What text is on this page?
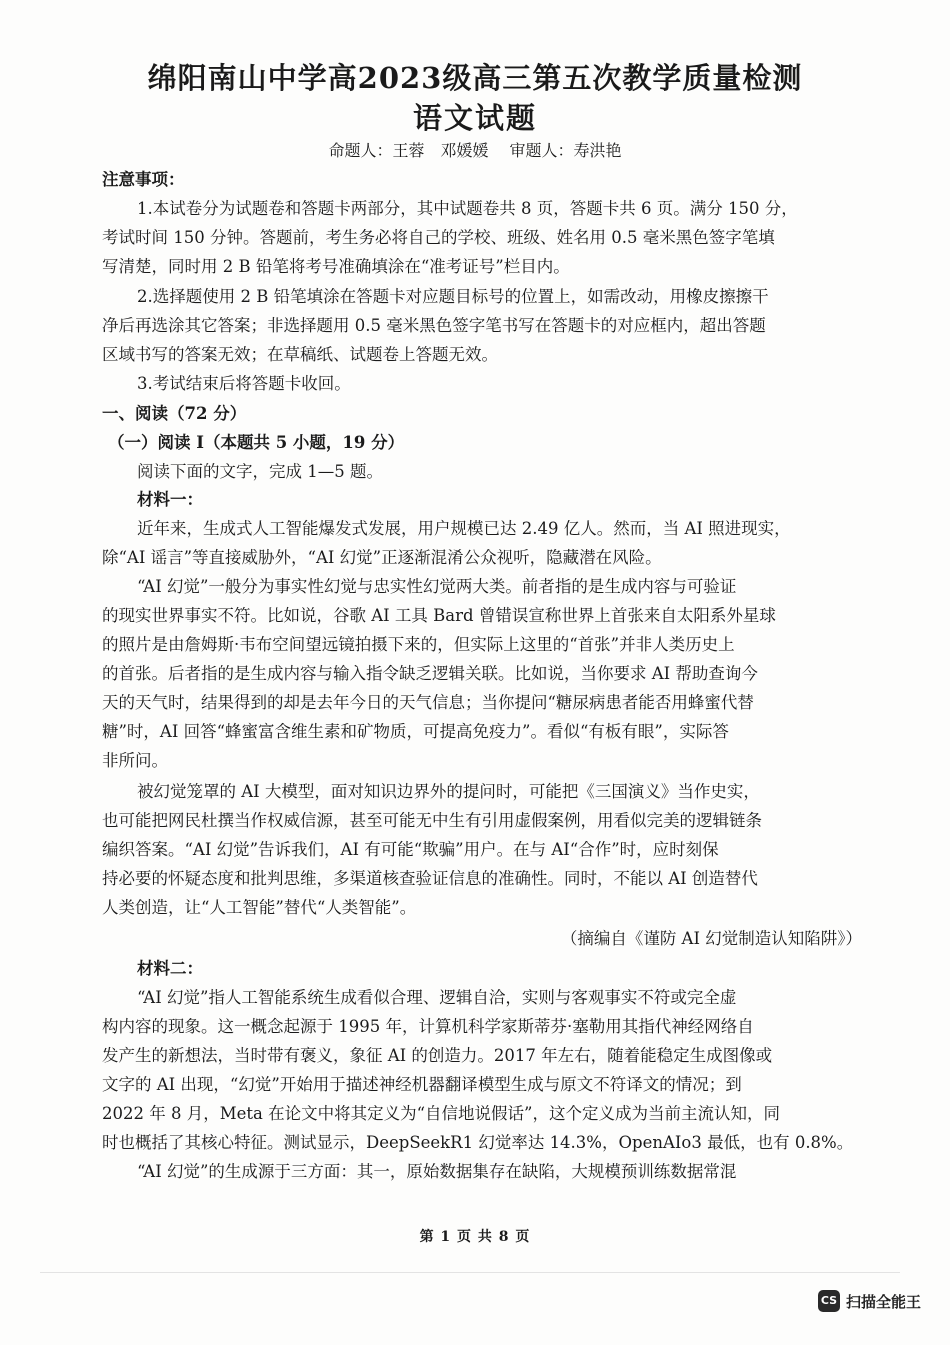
绵阳南山中学高2023级高三第五次教学质量检测
语文试题
命题人：王蓉　邓媛媛 审题人：寿洪艳
注意事项：
1.本试卷分为试题卷和答题卡两部分，其中试题卷共 8 页，答题卡共 6 页。满分 150 分，
考试时间 150 分钟。答题前，考生务必将自己的学校、班级、姓名用 0.5 毫米黑色签字笔填
写清楚，同时用 2 B 铅笔将考号准确填涂在“准考证号”栏目内。
2.选择题使用 2 B 铅笔填涂在答题卡对应题目标号的位置上，如需改动，用橡皮擦擦干
净后再选涂其它答案；非选择题用 0.5 毫米黑色签字笔书写在答题卡的对应框内，超出答题
区域书写的答案无效；在草稿纸、试题卷上答题无效。
3.考试结束后将答题卡收回。
一、阅读（72 分）
（一）阅读 I（本题共 5 小题，19 分）
阅读下面的文字，完成 1—5 题。
材料一：
近年来，生成式人工智能爆发式发展，用户规模已达 2.49 亿人。然而，当 AI 照进现实，
除“AI 谣言”等直接威胁外，“AI 幻觉”正逐渐混淆公众视听，隐藏潜在风险。
“AI 幻觉”一般分为事实性幻觉与忠实性幻觉两大类。前者指的是生成内容与可验证
的现实世界事实不符。比如说，谷歌 AI 工具 Bard 曾错误宣称世界上首张来自太阳系外星球
的照片是由詹姆斯·韦布空间望远镜拍摄下来的，但实际上这里的“首张”并非人类历史上
的首张。后者指的是生成内容与输入指令缺乏逻辑关联。比如说，当你要求 AI 帮助查询今
天的天气时，结果得到的却是去年今日的天气信息；当你提问“糖尿病患者能否用蜂蜜代替
糖”时，AI 回答“蜂蜜富含维生素和矿物质，可提高免疫力”。看似“有板有眼”，实际答
非所问。
被幻觉笼罩的 AI 大模型，面对知识边界外的提问时，可能把《三国演义》当作史实，
也可能把网民杜撰当作权威信源，甚至可能无中生有引用虚假案例，用看似完美的逻辑链条
编织答案。“AI 幻觉”告诉我们，AI 有可能“欺骗”用户。在与 AI“合作”时，应时刻保
持必要的怀疑态度和批判思维，多渠道核查验证信息的准确性。同时，不能以 AI 创造替代
人类创造，让“人工智能”替代“人类智能”。
（摘编自《谨防 AI 幻觉制造认知陷阱》）
材料二：
“AI 幻觉”指人工智能系统生成看似合理、逻辑自洽，实则与客观事实不符或完全虚
构内容的现象。这一概念起源于 1995 年，计算机科学家斯蒂芬·塞勒用其指代神经网络自
发产生的新想法，当时带有褒义，象征 AI 的创造力。2017 年左右，随着能稳定生成图像或
文字的 AI 出现，“幻觉”开始用于描述神经机器翻译模型生成与原文不符译文的情况；到
2022 年 8 月，Meta 在论文中将其定义为“自信地说假话”，这个定义成为当前主流认知，同
时也概括了其核心特征。测试显示，DeepSeekR1 幻觉率达 14.3%，OpenAIo3 最低，也有 0.8%。
“AI 幻觉”的生成源于三方面：其一，原始数据集存在缺陷，大规模预训练数据常混
第 1 页 共 8 页
CS 扫描全能王
